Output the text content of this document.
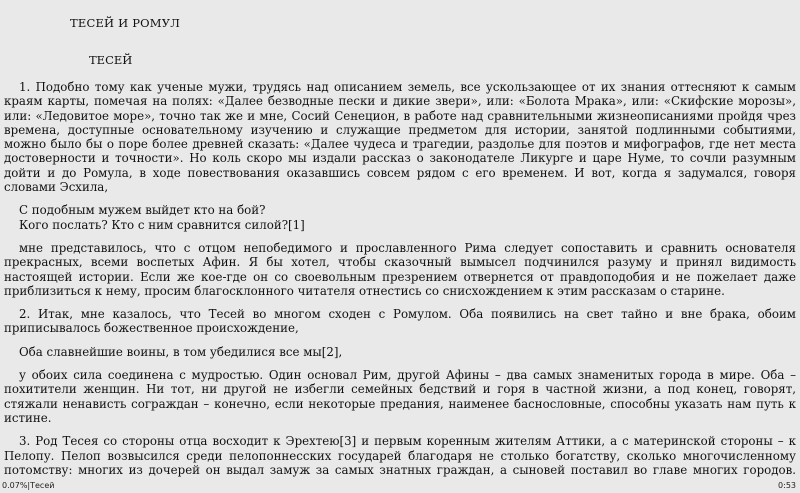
ТЕСЕЙ И РОМУЛ
ТЕСЕЙ

1. Подобно тому как ученые мужи, трудясь над описанием земель, все ускользающее от их знания оттесняют к самым краям карты, помечая на полях: «Далее безводные пески и дикие звери», или: «Болота Мрака», или: «Скифские морозы», или: «Ледовитое море», точно так же и мне, Сосий Сенецион, в работе над сравнительными жизнеописаниями пройдя чрез времена, доступные основательному изучению и служащие предметом для истории, занятой подлинными событиями, можно было бы о поре более древней сказать: «Далее чудеса и трагедии, раздолье для поэтов и мифографов, где нет места достоверности и точности». Но коль скоро мы издали рассказ о законодателе Ликурге и царе Нуме, то сочли разумным дойти и до Ромула, в ходе повествования оказавшись совсем рядом с его временем. И вот, когда я задумался, говоря словами Эсхила,

С подобным мужем выйдет кто на бой?

Кого послать? Кто с ним сравнится силой?[1]

мне представилось, что с отцом непобедимого и прославленного Рима следует сопоставить и сравнить основателя прекрасных, всеми воспетых Афин. Я бы хотел, чтобы сказочный вымысел подчинился разуму и принял видимость настоящей истории. Если же кое-где он со своевольным презрением отвернется от правдоподобия и не пожелает даже приблизиться к нему, просим благосклонного читателя отнестись со снисхождением к этим рассказам о старине.

2. Итак, мне казалось, что Тесей во многом сходен с Ромулом. Оба появились на свет тайно и вне брака, обоим приписывалось божественное происхождение,

Оба славнейшие воины, в том убедилися все мы[2],

у обоих сила соединена с мудростью. Один основал Рим, другой Афины – два самых знаменитых города в мире. Оба – похитители женщин. Ни тот, ни другой не избегли семейных бедствий и горя в частной жизни, а под конец, говорят, стяжали ненависть сограждан – конечно, если некоторые предания, наименее баснословные, способны указать нам путь к истине.

3. Род Тесея со стороны отца восходит к Эрехтею[3] и первым коренным жителям Аттики, а с материнской стороны – к Пелопу. Пелоп возвысился среди пелопоннесских государей благодаря не столько богатству, сколько многочисленному потомству: многих из дочерей он выдал замуж за самых знатных граждан, а сыновей поставил во главе многих городов.

0.07%|Тесей	0:53
